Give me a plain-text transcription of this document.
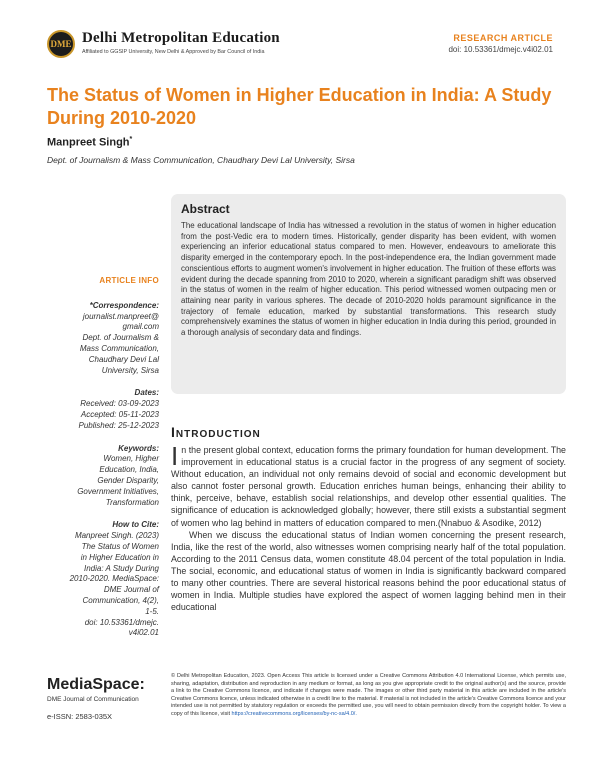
DME Delhi Metropolitan Education
Affiliated to GGSIP University, New Delhi & Approved by Bar Council of India
RESEARCH ARTICLE
doi: 10.53361/dmejc.v4i02.01
The Status of Women in Higher Education in India: A Study During 2010-2020
Manpreet Singh*
Dept. of Journalism & Mass Communication, Chaudhary Devi Lal University, Sirsa
Abstract

The educational landscape of India has witnessed a revolution in the status of women in higher education from the post-Vedic era to modern times. Historically, gender disparity has been evident, with women experiencing an inferior educational status compared to men. However, endeavours to ameliorate this disparity emerged in the contemporary epoch. In the post-independence era, the Indian government made conscientious efforts to augment women's involvement in higher education. The fruition of these efforts was evident during the decade spanning from 2010 to 2020, wherein a significant paradigm shift was observed in the status of women in the realm of higher education. This period witnessed women outpacing men or attaining near parity in various spheres. The decade of 2010-2020 holds paramount significance in the trajectory of female education, marked by substantial transformations. This research study comprehensively examines the status of women in higher education in India during this period, grounded in a thorough analysis of secondary data and findings.

ARTICLE INFO
*Correspondence:
journalist.manpreet@
gmail.com
Dept. of Journalism &
Mass Communication,
Chaudhary Devi Lal
University, Sirsa
Dates:
Received: 03-09-2023
Accepted: 05-11-2023
Published: 25-12-2023
Keywords:
Women, Higher
Education, India,
Gender Disparity,
Government Initiatives,
Transformation
How to Cite:
Manpreet Singh. (2023)
The Status of Women
in Higher Education in
India: A Study During
2010-2020. MediaSpace:
DME Journal of
Communication, 4(2),
1-5.
doi: 10.53361/dmejc.
v4i02.01
Introduction

In the present global context, education forms the primary foundation for human development. The improvement in educational status is a crucial factor in the progress of any segment of society. Without education, an individual not only remains devoid of social and economic development but also cannot foster personal growth. Education enriches human beings, enhancing their ability to think, perceive, behave, establish social relationships, and develop other essential qualities. The significance of education is acknowledged globally; however, there still exists a substantial segment of women who lag behind in matters of education compared to men.(Nnabuo & Asodike, 2012)

When we discuss the educational status of Indian women concerning the present research, India, like the rest of the world, also witnesses women comprising nearly half of the total population. According to the 2011 Census data, women constitute 48.04 percent of the total population in India. The social, economic, and educational status of women in India is significantly backward compared to many other countries. There are several historical reasons behind the poor educational status of women in India. Multiple studies have explored the aspect of women lagging behind men in their educational

MediaSpace:
DME Journal of Communication
e-ISSN: 2583-035X
© Delhi Metropolitan Education, 2023. Open Access This article is licensed under a Creative Commons Attribution 4.0 International License, which permits use, sharing, adaptation, distribution and reproduction in any medium or format, as long as you give appropriate credit to the original author(s) and the source, provide a link to the Creative Commons licence, and indicate if changes were made. The images or other third party material in this article are included in the article's Creative Commons licence, unless indicated otherwise in a credit line to the material. If material is not included in the article's Creative Commons licence and your intended use is not permitted by statutory regulation or exceeds the permitted use, you will need to obtain permission directly from the copyright holder. To view a copy of this licence, visit https://creativecommons.org/licenses/by-nc-sa/4.0/.
